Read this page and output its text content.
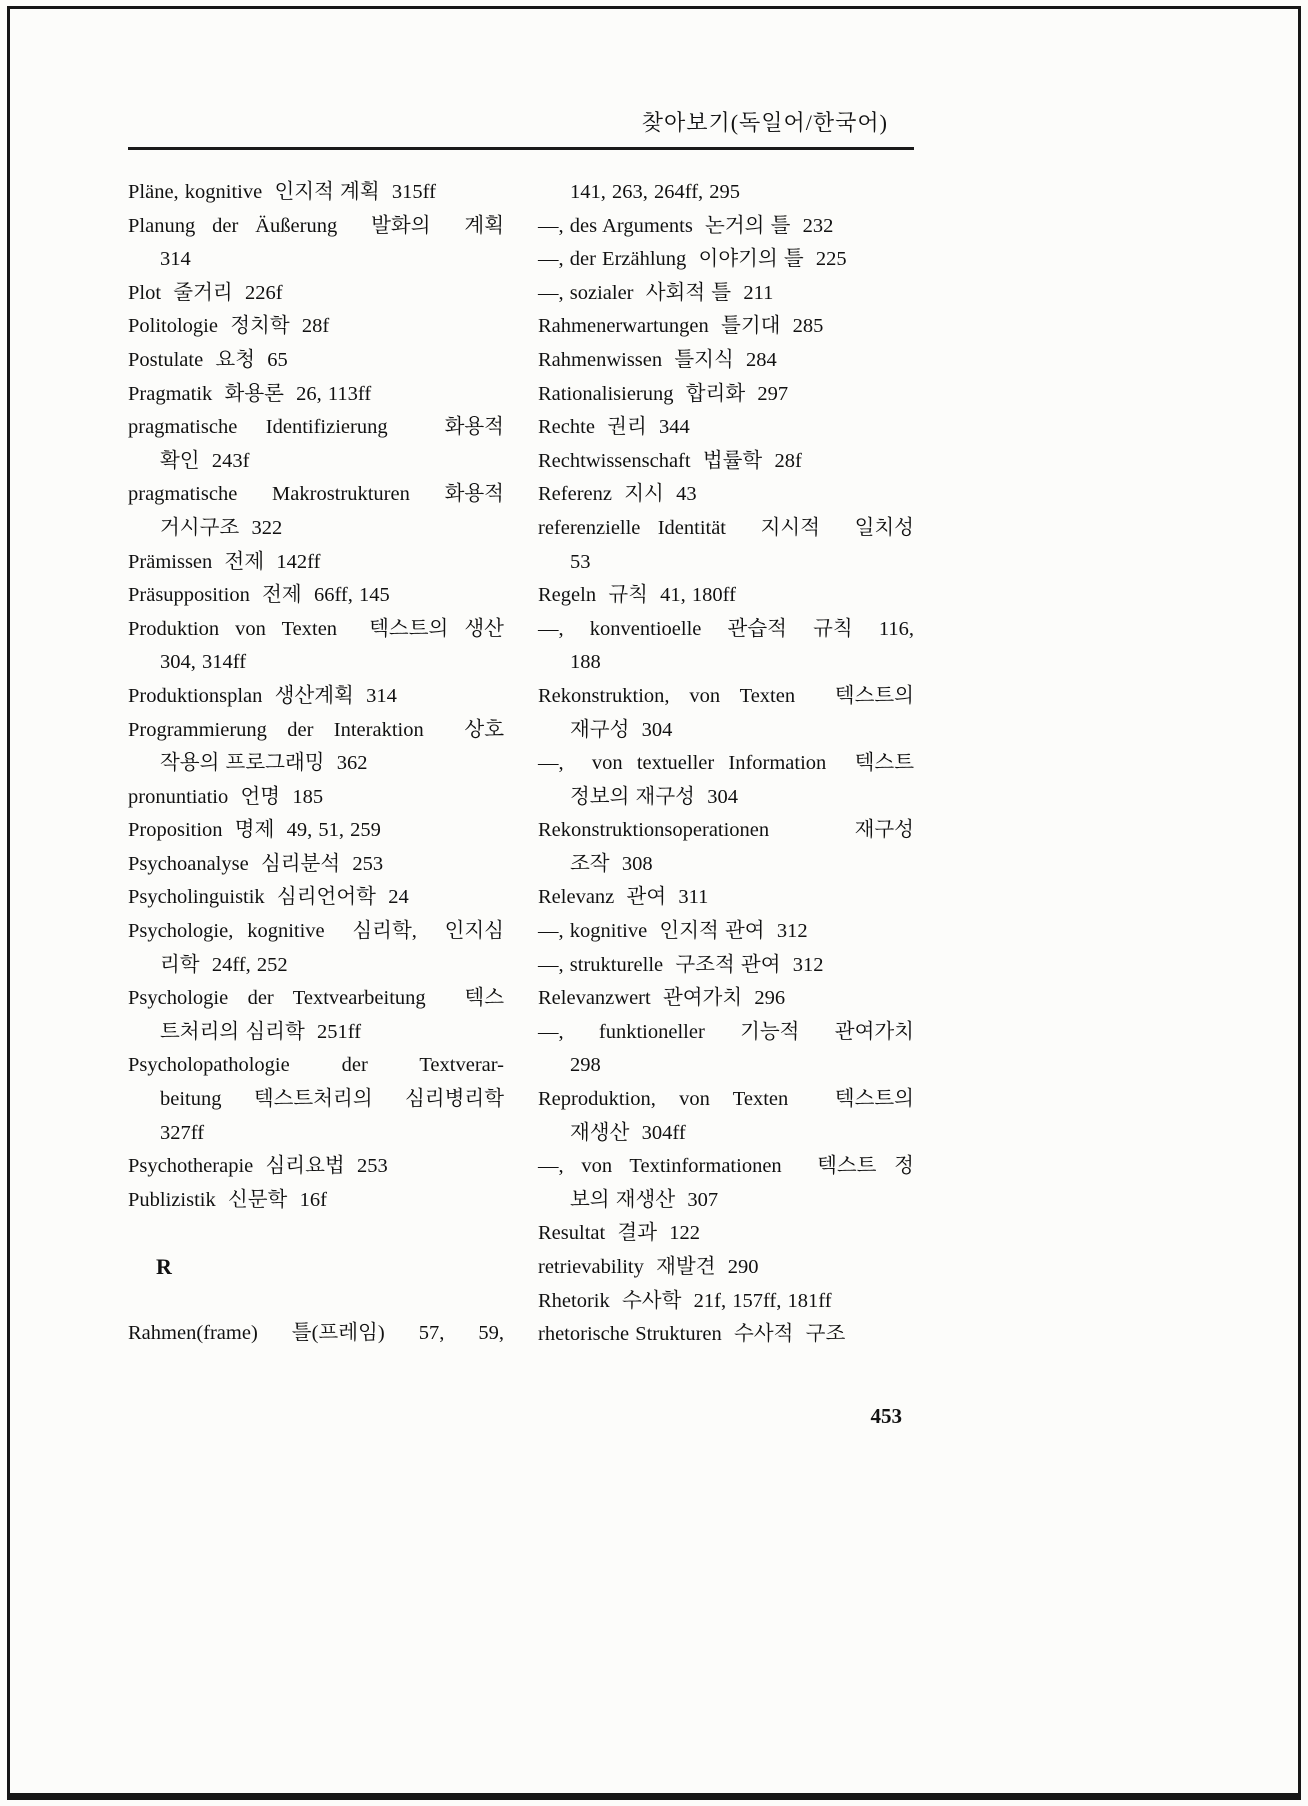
찾아보기(독일어/한국어)
Pläne, kognitive  인지적 계획  315ff
Planung der Äußerung  발화의  계획
314
Plot  줄거리  226f
Politologie  정치학  28f
Postulate  요청  65
Pragmatik  화용론  26, 113ff
pragmatische Identifizierung  화용적
확인  243f
pragmatische Makrostrukturen 화용적
거시구조  322
Prämissen  전제  142ff
Präsupposition  전제  66ff, 145
Produktion von Texten  텍스트의 생산
304, 314ff
Produktionsplan  생산계획  314
Programmierung der Interaktion  상호
작용의 프로그래밍  362
pronuntiatio  언명  185
Proposition  명제  49, 51, 259
Psychoanalyse  심리분석  253
Psycholinguistik  심리언어학  24
Psychologie, kognitive  심리학,  인지심
리학  24ff, 252
Psychologie der Textvearbeitung  텍스
트처리의 심리학  251ff
Psycholopathologie  der  Textverar-
beitung  텍스트처리의  심리병리학
327ff
Psychotherapie  심리요법  253
Publizistik  신문학  16f
R
Rahmen(frame)  틀(프레임)  57,  59,
141, 263, 264ff, 295
—, des Arguments  논거의 틀  232
—, der Erzählung  이야기의 틀  225
—, sozialer  사회적 틀  211
Rahmenerwartungen  틀기대  285
Rahmenwissen  틀지식  284
Rationalisierung  합리화  297
Rechte  권리  344
Rechtwissenschaft  법률학  28f
Referenz  지시  43
referenzielle Identität  지시적  일치성
53
Regeln  규칙  41, 180ff
—,  konventioelle  관습적  규칙  116,
188
Rekonstruktion, von Texten  텍스트의
재구성  304
—,  von textueller Information  텍스트
정보의 재구성  304
Rekonstruktionsoperationen  재구성
조작  308
Relevanz  관여  311
—, kognitive  인지적 관여  312
—, strukturelle  구조적 관여  312
Relevanzwert  관여가치  296
—,  funktioneller  기능적  관여가치
298
Reproduktion, von Texten  텍스트의
재생산  304ff
—, von Textinformationen  텍스트 정
보의 재생산  307
Resultat  결과  122
retrievability  재발견  290
Rhetorik  수사학  21f, 157ff, 181ff
rhetorische Strukturen  수사적  구조
453
